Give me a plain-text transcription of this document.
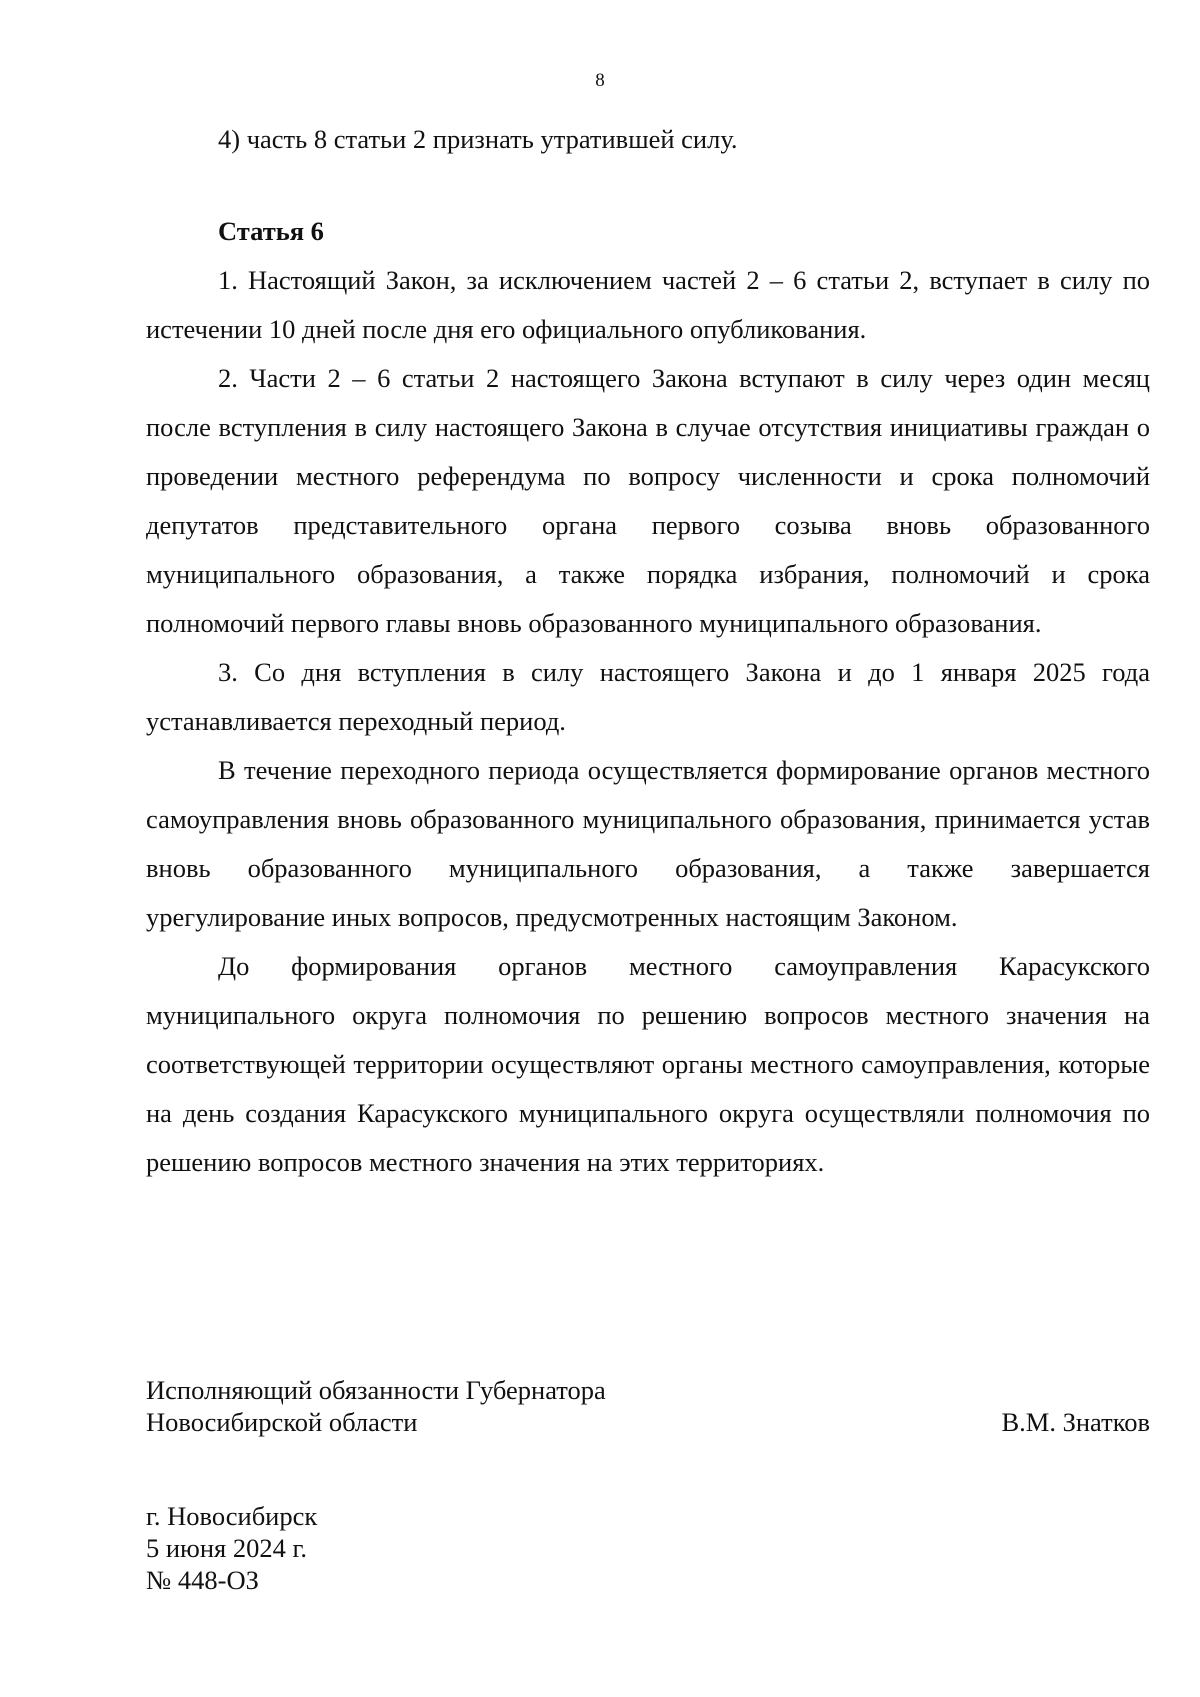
8

4) часть 8 статьи 2 признать утратившей силу.

Статья 6

1. Настоящий Закон, за исключением частей 2 – 6 статьи 2, вступает в силу по истечении 10 дней после дня его официального опубликования.

2. Части 2 – 6 статьи 2 настоящего Закона вступают в силу через один месяц после вступления в силу настоящего Закона в случае отсутствия инициативы граждан о проведении местного референдума по вопросу численности и срока полномочий депутатов представительного органа первого созыва вновь образованного муниципального образования, а также порядка избрания, полномочий и срока полномочий первого главы вновь образованного муниципального образования.

3. Со дня вступления в силу настоящего Закона и до 1 января 2025 года устанавливается переходный период.

В течение переходного периода осуществляется формирование органов местного самоуправления вновь образованного муниципального образования, принимается устав вновь образованного муниципального образования, а также завершается урегулирование иных вопросов, предусмотренных настоящим Законом.

До формирования органов местного самоуправления Карасукского муниципального округа полномочия по решению вопросов местного значения на соответствующей территории осуществляют органы местного самоуправления, которые на день создания Карасукского муниципального округа осуществляли полномочия по решению вопросов местного значения на этих территориях.

Исполняющий обязанности Губернатора
Новосибирской области	В.М. Знатков
г. Новосибирск
5 июня 2024 г.
№ 448-ОЗ
